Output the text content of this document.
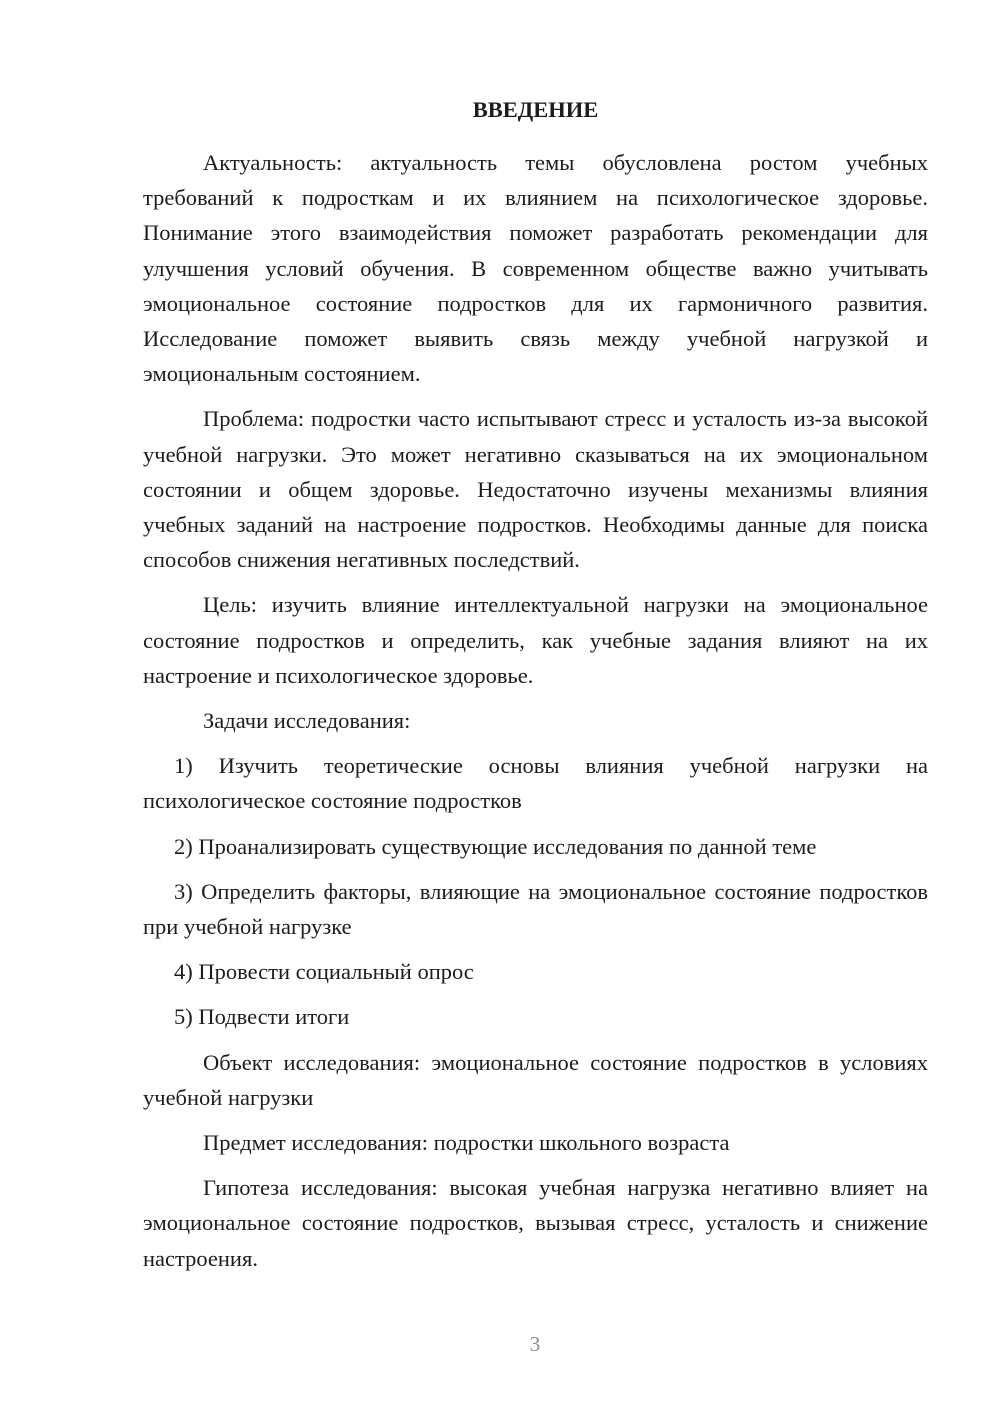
ВВЕДЕНИЕ

Актуальность: актуальность темы обусловлена ростом учебных требований к подросткам и их влиянием на психологическое здоровье. Понимание этого взаимодействия поможет разработать рекомендации для улучшения условий обучения. В современном обществе важно учитывать эмоциональное состояние подростков для их гармоничного развития. Исследование поможет выявить связь между учебной нагрузкой и эмоциональным состоянием.

Проблема: подростки часто испытывают стресс и усталость из-за высокой учебной нагрузки. Это может негативно сказываться на их эмоциональном состоянии и общем здоровье. Недостаточно изучены механизмы влияния учебных заданий на настроение подростков. Необходимы данные для поиска способов снижения негативных последствий.

Цель: изучить влияние интеллектуальной нагрузки на эмоциональное состояние подростков и определить, как учебные задания влияют на их настроение и психологическое здоровье.

Задачи исследования:

1) Изучить теоретические основы влияния учебной нагрузки на психологическое состояние подростков

2) Проанализировать существующие исследования по данной теме

3) Определить факторы, влияющие на эмоциональное состояние подростков при учебной нагрузке

4) Провести социальный опрос

5) Подвести итоги

Объект исследования: эмоциональное состояние подростков в условиях учебной нагрузки

Предмет исследования: подростки школьного возраста

Гипотеза исследования: высокая учебная нагрузка негативно влияет на эмоциональное состояние подростков, вызывая стресс, усталость и снижение настроения.

3
